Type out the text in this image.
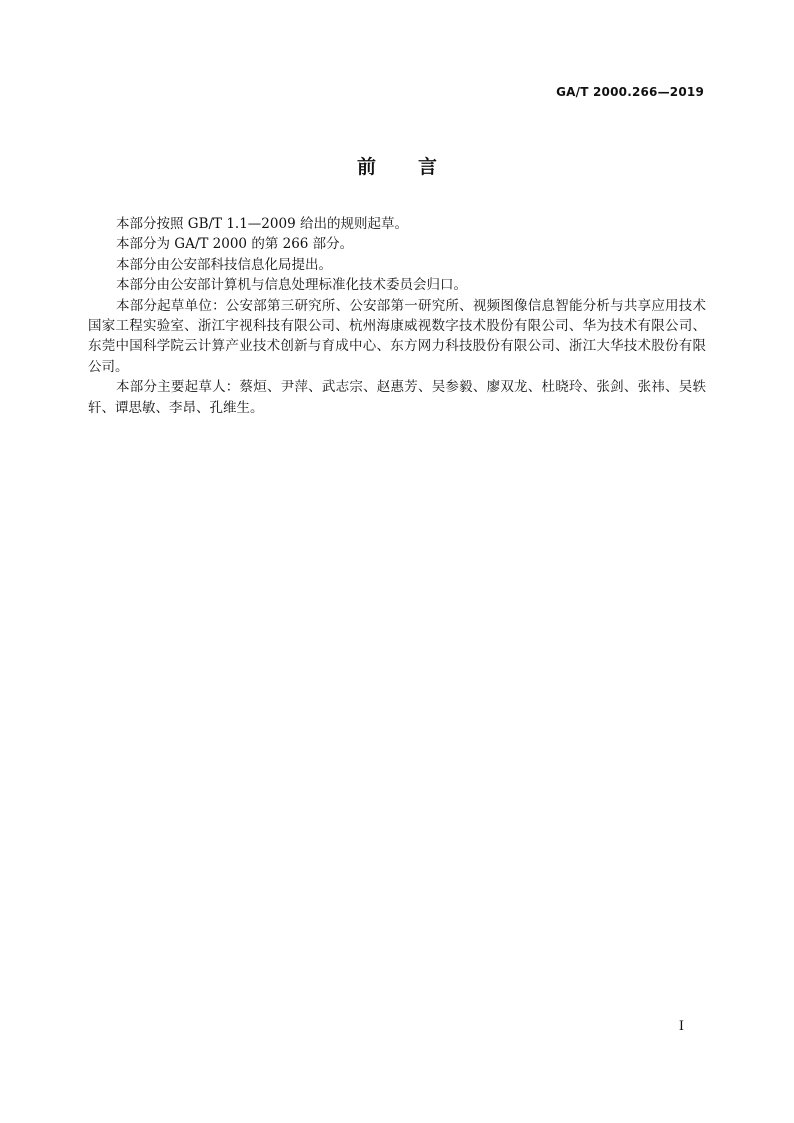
GA/T 2000.266—2019
前 言

本部分按照 GB/T 1.1—2009 给出的规则起草。

本部分为 GA/T 2000 的第 266 部分。

本部分由公安部科技信息化局提出。

本部分由公安部计算机与信息处理标准化技术委员会归口。

本部分起草单位：公安部第三研究所、公安部第一研究所、视频图像信息智能分析与共享应用技术国家工程实验室、浙江宇视科技有限公司、杭州海康威视数字技术股份有限公司、华为技术有限公司、东莞中国科学院云计算产业技术创新与育成中心、东方网力科技股份有限公司、浙江大华技术股份有限公司。

本部分主要起草人：蔡烜、尹萍、武志宗、赵惠芳、吴参毅、廖双龙、杜晓玲、张剑、张祎、吴轶轩、谭思敏、李昂、孔维生。

I
